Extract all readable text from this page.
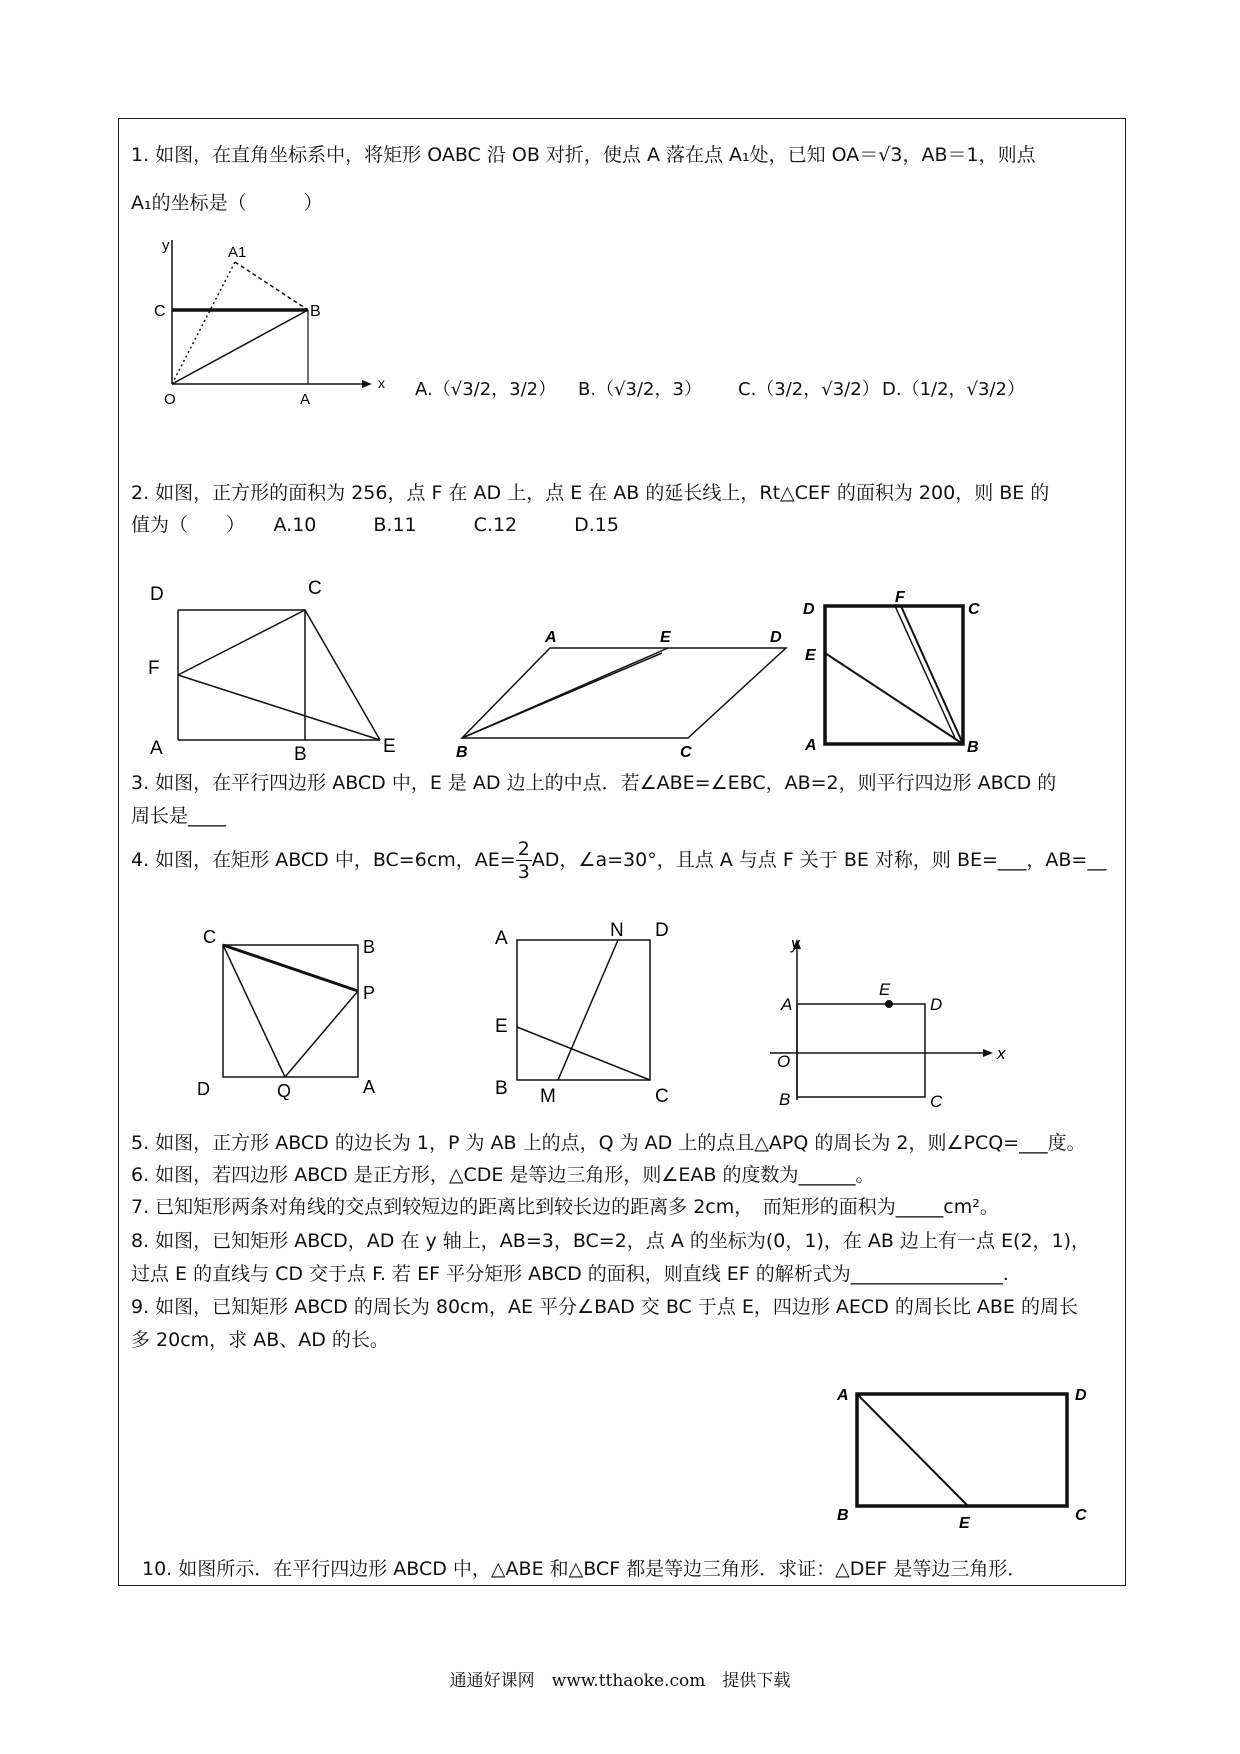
1. 如图，在直角坐标系中，将矩形 OABC 沿 OB 对折，使点 A 落在点 A₁处，已知 OA＝√3，AB＝1，则点
A₁的坐标是（　　　）
y
x
A1
C	B
O	A	A.（√3/2，3/2） B.（√3/2，3） C.（3/2，√3/2） D.（1/2，√3/2）
2. 如图，正方形的面积为 256，点 F 在 AD 上，点 E 在 AB 的延长线上，Rt△CEF 的面积为 200，则 BE 的
值为（　　）　　A.10　　　B.11　　　C.12　　　D.15
D	C
F
A	B	E
A	E	D
B	C
D
F
C
E
A	B
3. 如图，在平行四边形 ABCD 中，E 是 AD 边上的中点．若∠ABE=∠EBC，AB=2，则平行四边形 ABCD 的
周长是____
4. 如图，在矩形 ABCD 中，BC=6cm，$AE= \frac{2}{3}$ AD，∠a=30°，且点 A 与点 F 关于 BE 对称，则 BE=___，AB=__
C	B
P
D	Q	A
A	N D
E
B M	C
y
A
E
D
O	x
B	C
5. 如图，正方形 ABCD 的边长为 1，P 为 AB 上的点，Q 为 AD 上的点且△APQ 的周长为 2，则∠PCQ=___度。
6. 如图，若四边形 ABCD 是正方形，△CDE 是等边三角形，则∠EAB 的度数为______。
7. 已知矩形两条对角线的交点到较短边的距离比到较长边的距离多 2cm，　而矩形的面积为_____cm²。
8. 如图，已知矩形 ABCD，AD 在 y 轴上，AB=3，BC=2，点 A 的坐标为(0，1)，在 AB 边上有一点 E(2，1)，
过点 E 的直线与 CD 交于点 F. 若 EF 平分矩形 ABCD 的面积，则直线 EF 的解析式为________________.
9. 如图，已知矩形 ABCD 的周长为 80cm，AE 平分∠BAD 交 BC 于点 E，四边形 AECD 的周长比 ABE 的周长
多 20cm，求 AB、AD 的长。
A	D
B	E	C
10. 如图所示．在平行四边形 ABCD 中，△ABE 和△BCF 都是等边三角形．求证：△DEF 是等边三角形．
通通好课网　www.tthaoke.com　提供下载
